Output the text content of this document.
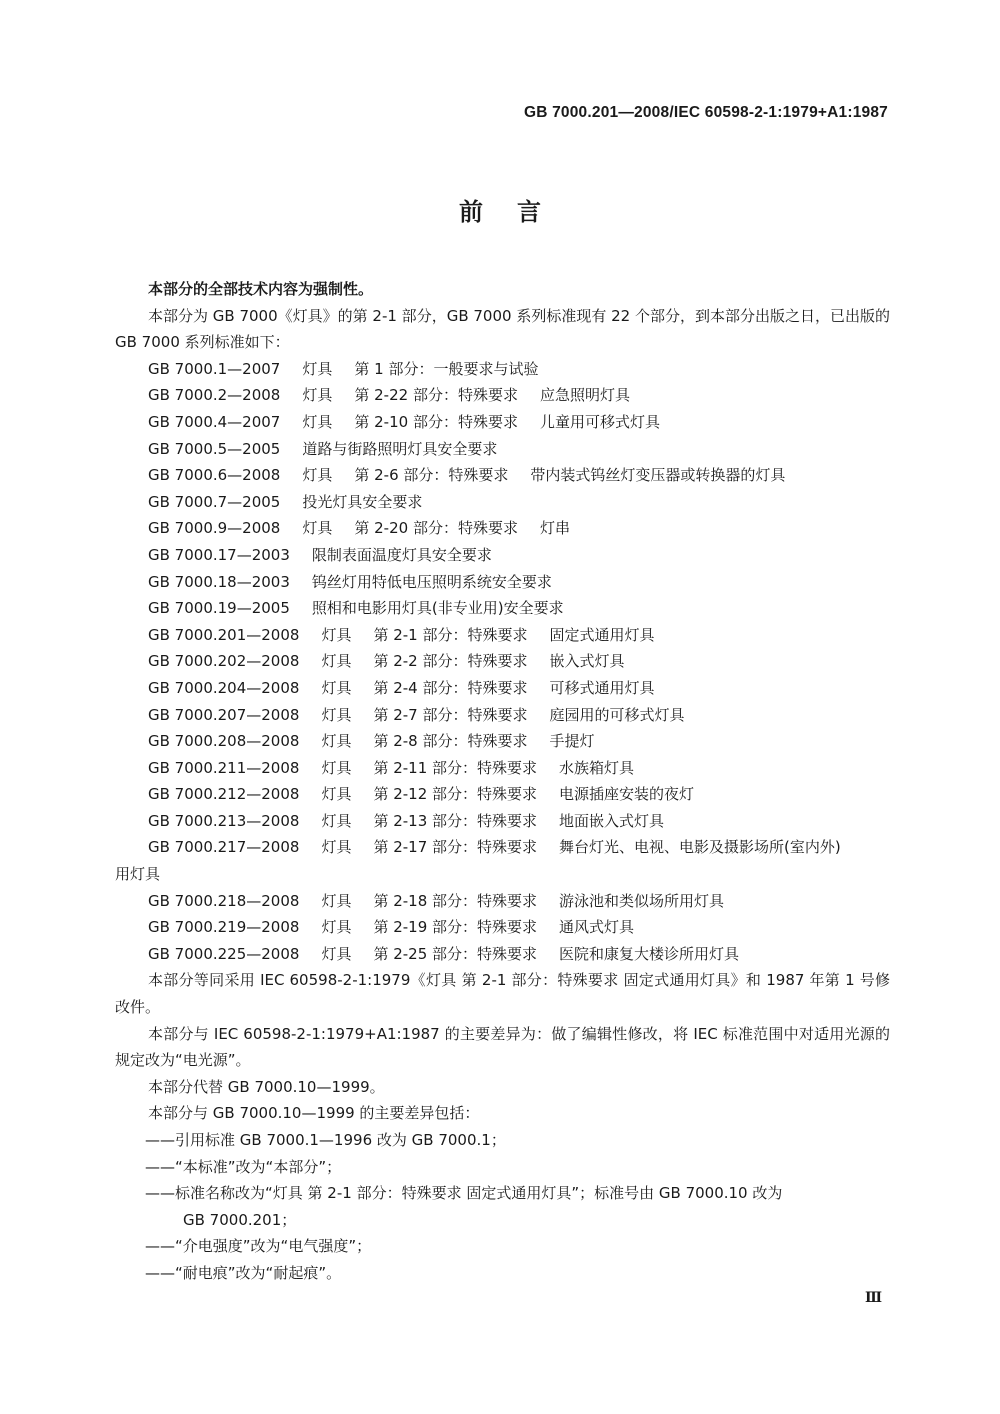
GB 7000.201—2008/IEC 60598-2-1:1979+A1:1987
前言
本部分的全部技术内容为强制性。
本部分为 GB 7000《灯具》的第 2-1 部分，GB 7000 系列标准现有 22 个部分，到本部分出版之日，已出版的 GB 7000 系列标准如下：
GB 7000.1—2007 灯具 第 1 部分：一般要求与试验
GB 7000.2—2008 灯具 第 2-22 部分：特殊要求 应急照明灯具
GB 7000.4—2007 灯具 第 2-10 部分：特殊要求 儿童用可移式灯具
GB 7000.5—2005 道路与街路照明灯具安全要求
GB 7000.6—2008 灯具 第 2-6 部分：特殊要求 带内装式钨丝灯变压器或转换器的灯具
GB 7000.7—2005 投光灯具安全要求
GB 7000.9—2008 灯具 第 2-20 部分：特殊要求 灯串
GB 7000.17—2003 限制表面温度灯具安全要求
GB 7000.18—2003 钨丝灯用特低电压照明系统安全要求
GB 7000.19—2005 照相和电影用灯具(非专业用)安全要求
GB 7000.201—2008 灯具 第 2-1 部分：特殊要求 固定式通用灯具
GB 7000.202—2008 灯具 第 2-2 部分：特殊要求 嵌入式灯具
GB 7000.204—2008 灯具 第 2-4 部分：特殊要求 可移式通用灯具
GB 7000.207—2008 灯具 第 2-7 部分：特殊要求 庭园用的可移式灯具
GB 7000.208—2008 灯具 第 2-8 部分：特殊要求 手提灯
GB 7000.211—2008 灯具 第 2-11 部分：特殊要求 水族箱灯具
GB 7000.212—2008 灯具 第 2-12 部分：特殊要求 电源插座安装的夜灯
GB 7000.213—2008 灯具 第 2-13 部分：特殊要求 地面嵌入式灯具
GB 7000.217—2008 灯具 第 2-17 部分：特殊要求 舞台灯光、电视、电影及摄影场所(室内外)
用灯具
GB 7000.218—2008 灯具 第 2-18 部分：特殊要求 游泳池和类似场所用灯具
GB 7000.219—2008 灯具 第 2-19 部分：特殊要求 通风式灯具
GB 7000.225—2008 灯具 第 2-25 部分：特殊要求 医院和康复大楼诊所用灯具
本部分等同采用 IEC 60598-2-1:1979《灯具 第 2-1 部分：特殊要求 固定式通用灯具》和 1987 年第 1 号修改件。
本部分与 IEC 60598-2-1:1979+A1:1987 的主要差异为：做了编辑性修改，将 IEC 标准范围中对适用光源的规定改为“电光源”。
本部分代替 GB 7000.10—1999。
本部分与 GB 7000.10—1999 的主要差异包括：
——引用标准 GB 7000.1—1996 改为 GB 7000.1；
——“本标准”改为“本部分”；
——标准名称改为“灯具 第 2-1 部分：特殊要求 固定式通用灯具”；标准号由 GB 7000.10 改为
GB 7000.201；
——“介电强度”改为“电气强度”；
——“耐电痕”改为“耐起痕”。
Ⅲ
